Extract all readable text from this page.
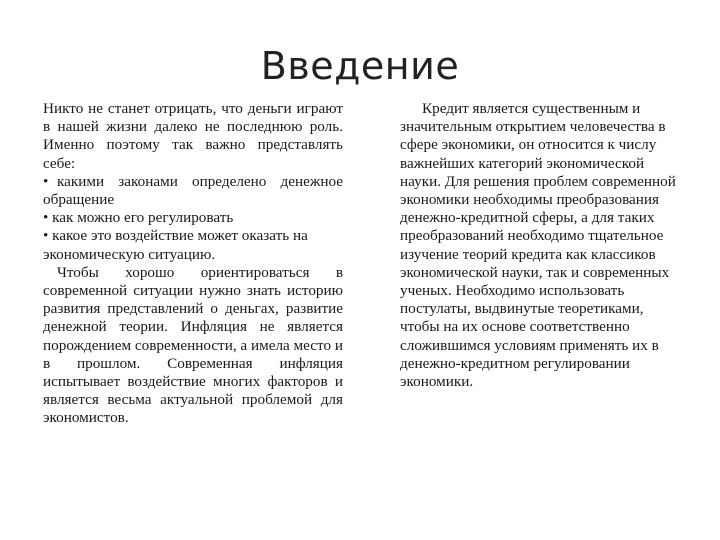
Введение

Никто не станет отрицать, что деньги играют в нашей жизни далеко не последнюю роль. Именно поэтому так важно представлять себе:

• какими законами определено денежное обращение

• как можно его регулировать

• какое это воздействие может оказать на экономическую ситуацию.

Чтобы хорошо ориентироваться в современной ситуации нужно знать историю развития представлений о деньгах, развитие денежной теории. Инфляция не является порождением современности, а имела место и в прошлом. Современная инфляция испытывает воздействие многих факторов и является весьма актуальной проблемой для экономистов.

Кредит является существенным и значительным открытием человечества в сфере экономики, он относится к числу важнейших категорий экономической науки. Для решения проблем современной экономики необходимы преобразования денежно-кредитной сферы, а для таких преобразований необходимо тщательное изучение теорий кредита как классиков экономической науки, так и современных ученых. Необходимо использовать постулаты, выдвинутые теоретиками, чтобы на их основе соответственно сложившимся условиям применять их в денежно-кредитном регулировании экономики.
